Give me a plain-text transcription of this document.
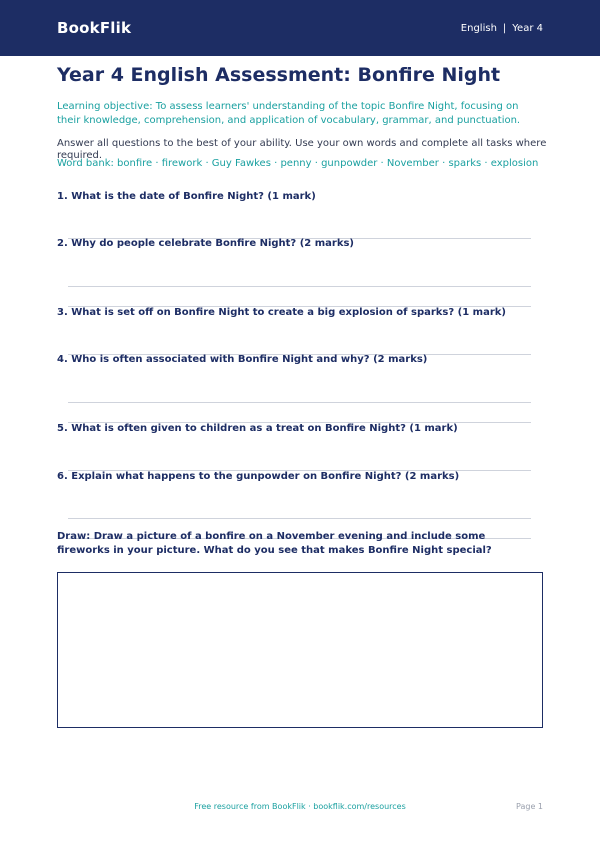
BookFlik	English | Year 4
Year 4 English Assessment: Bonfire Night

Learning objective: To assess learners' understanding of the topic Bonfire Night, focusing on their knowledge, comprehension, and application of vocabulary, grammar, and punctuation.

Answer all questions to the best of your ability. Use your own words and complete all tasks where required.

Word bank: bonfire · firework · Guy Fawkes · penny · gunpowder · November · sparks · explosion

1. What is the date of Bonfire Night? (1 mark)

2. Why do people celebrate Bonfire Night? (2 marks)

3. What is set off on Bonfire Night to create a big explosion of sparks? (1 mark)

4. Who is often associated with Bonfire Night and why? (2 marks)

5. What is often given to children as a treat on Bonfire Night? (1 mark)

6. Explain what happens to the gunpowder on Bonfire Night? (2 marks)

Draw: Draw a picture of a bonfire on a November evening and include some fireworks in your picture. What do you see that makes Bonfire Night special?

Free resource from BookFlik · bookflik.com/resources	Page 1
